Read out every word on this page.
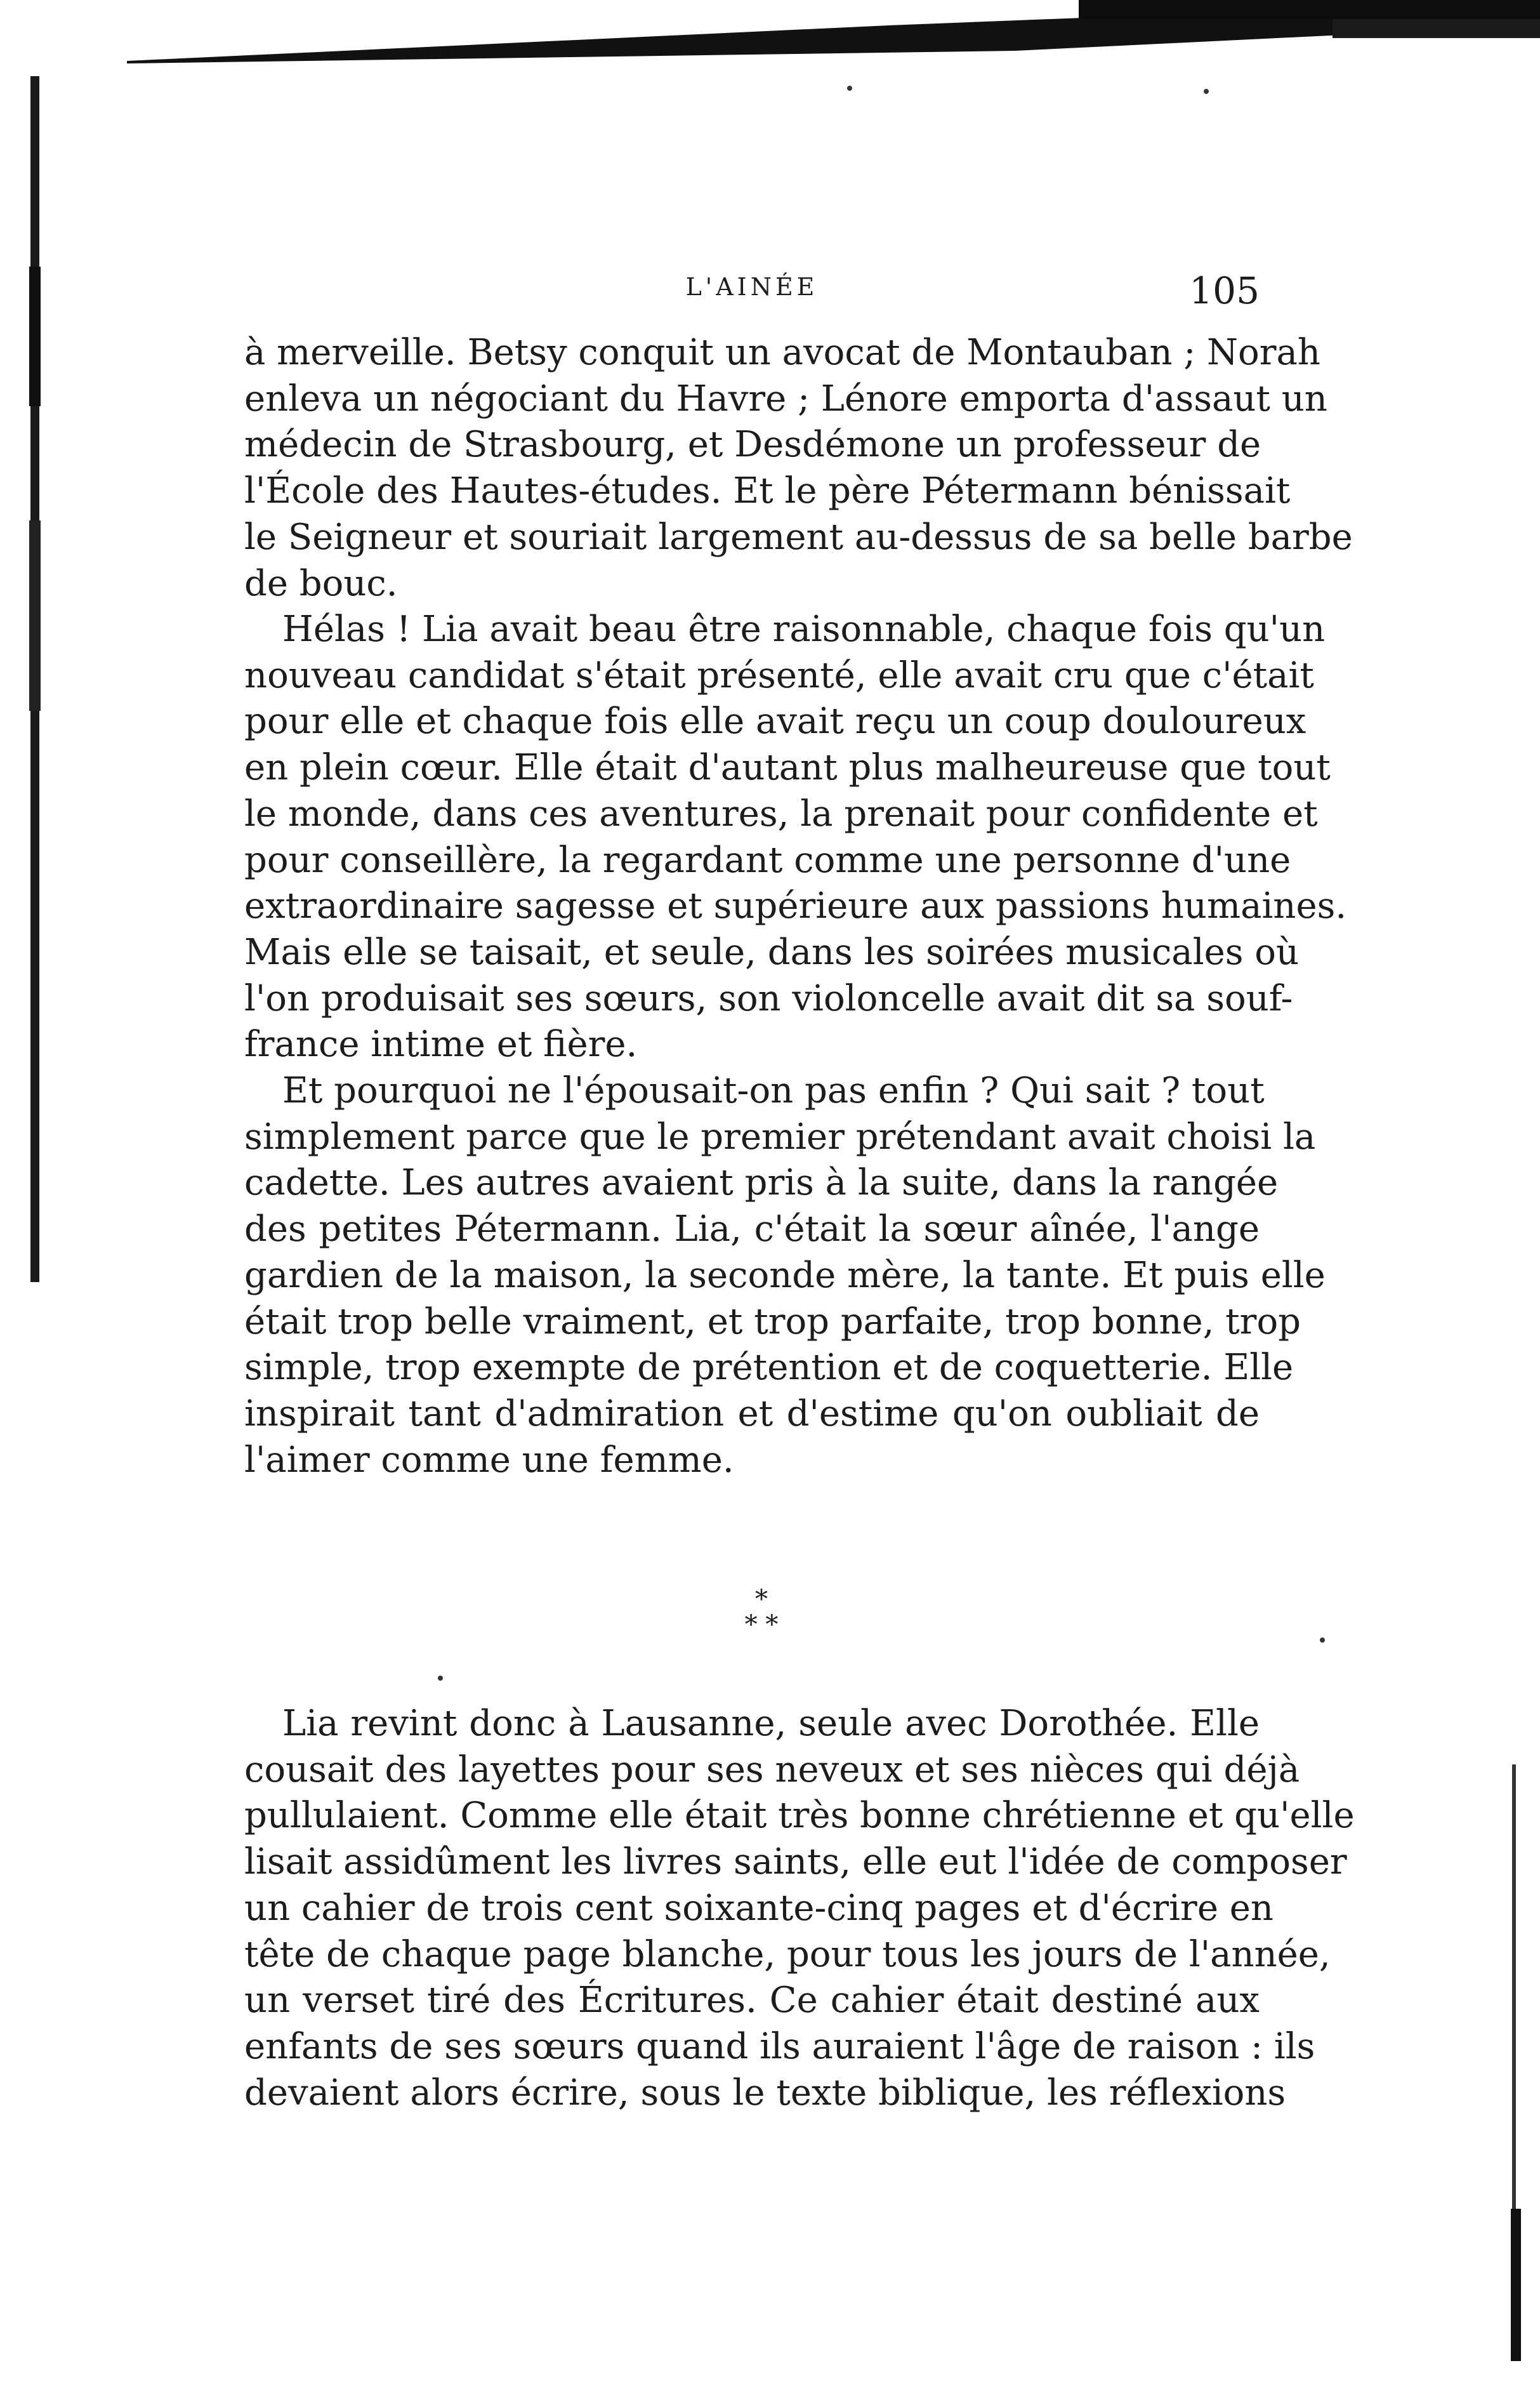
L'AINÉE	105
à merveille. Betsy conquit un avocat de Montauban ; Norah
enleva un négociant du Havre ; Lénore emporta d'assaut un
médecin de Strasbourg, et Desdémone un professeur de
l'École des Hautes-études. Et le père Pétermann bénissait
le Seigneur et souriait largement au-dessus de sa belle barbe
de bouc.
Hélas ! Lia avait beau être raisonnable, chaque fois qu'un
nouveau candidat s'était présenté, elle avait cru que c'était
pour elle et chaque fois elle avait reçu un coup douloureux
en plein cœur. Elle était d'autant plus malheureuse que tout
le monde, dans ces aventures, la prenait pour confidente et
pour conseillère, la regardant comme une personne d'une
extraordinaire sagesse et supérieure aux passions humaines.
Mais elle se taisait, et seule, dans les soirées musicales où
l'on produisait ses sœurs, son violoncelle avait dit sa souf-
france intime et fière.
Et pourquoi ne l'épousait-on pas enfin ? Qui sait ? tout
simplement parce que le premier prétendant avait choisi la
cadette. Les autres avaient pris à la suite, dans la rangée
des petites Pétermann. Lia, c'était la sœur aînée, l'ange
gardien de la maison, la seconde mère, la tante. Et puis elle
était trop belle vraiment, et trop parfaite, trop bonne, trop
simple, trop exempte de prétention et de coquetterie. Elle
inspirait tant d'admiration et d'estime qu'on oubliait de
l'aimer comme une femme.
*
* *
Lia revint donc à Lausanne, seule avec Dorothée. Elle
cousait des layettes pour ses neveux et ses nièces qui déjà
pullulaient. Comme elle était très bonne chrétienne et qu'elle
lisait assidûment les livres saints, elle eut l'idée de composer
un cahier de trois cent soixante-cinq pages et d'écrire en
tête de chaque page blanche, pour tous les jours de l'année,
un verset tiré des Écritures. Ce cahier était destiné aux
enfants de ses sœurs quand ils auraient l'âge de raison : ils
devaient alors écrire, sous le texte biblique, les réflexions
